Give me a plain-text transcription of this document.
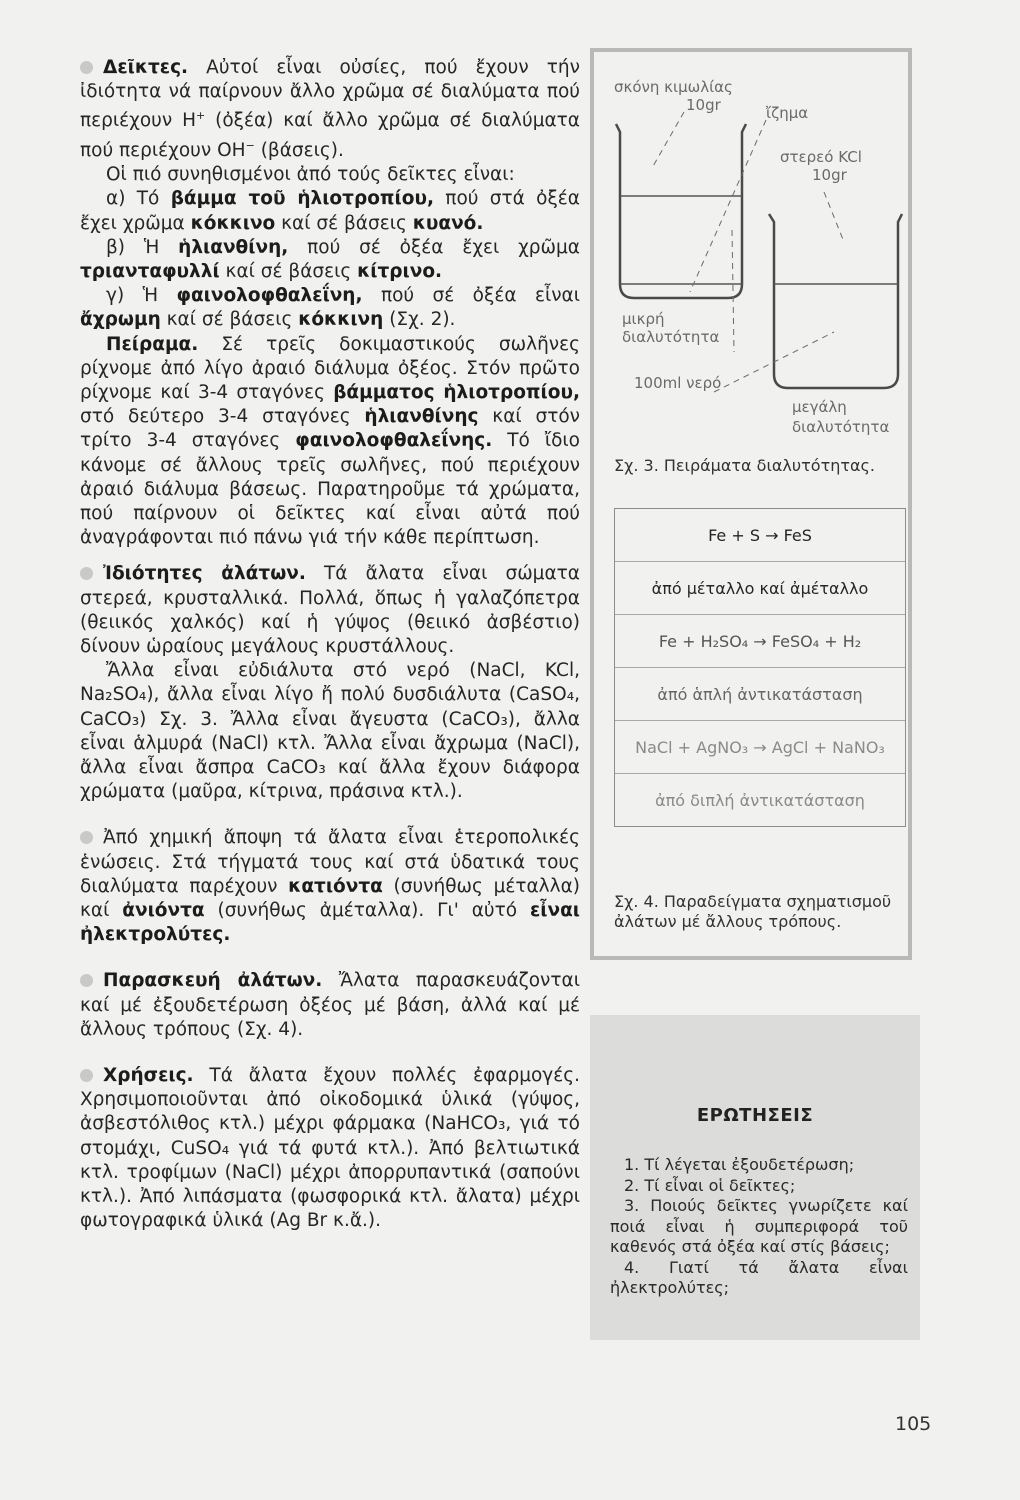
Δεῖκτες. Αὐτοί εἶναι οὐσίες, πού ἔχουν τήν ἰδιότητα νά παίρνουν ἄλλο χρῶμα σέ διαλύματα πού περιέχουν H+ (ὀξέα) καί ἄλλο χρῶμα σέ διαλύματα πού περιέχουν OH− (βάσεις).

Οἱ πιό συνηθισμένοι ἀπό τούς δεῖκτες εἶναι:

α) Τό βάμμα τοῦ ἡλιοτροπίου, πού στά ὀξέα ἔχει χρῶμα κόκκινο καί σέ βάσεις κυανό.

β) Ἡ ἡλιανθίνη, πού σέ ὀξέα ἔχει χρῶμα τριανταφυλλί καί σέ βάσεις κίτρινο.

γ) Ἡ φαινολοφθαλεΐνη, πού σέ ὀξέα εἶναι ἄχρωμη καί σέ βάσεις κόκκινη (Σχ. 2).

Πείραμα. Σέ τρεῖς δοκιμαστικούς σωλῆνες ρίχνομε ἀπό λίγο ἀραιό διάλυμα ὀξέος. Στόν πρῶτο ρίχνομε καί 3-4 σταγόνες βάμματος ἡλιοτροπίου, στό δεύτερο 3-4 σταγόνες ἡλιανθίνης καί στόν τρίτο 3-4 σταγόνες φαινολοφθαλεΐνης. Τό ἴδιο κάνομε σέ ἄλλους τρεῖς σωλῆνες, πού περιέχουν ἀραιό διάλυμα βάσεως. Παρατηροῦμε τά χρώματα, πού παίρνουν οἱ δεῖκτες καί εἶναι αὐτά πού ἀναγράφονται πιό πάνω γιά τήν κάθε περίπτωση.

Ἰδιότητες ἀλάτων. Τά ἄλατα εἶναι σώματα στερεά, κρυσταλλικά. Πολλά, ὅπως ἡ γαλαζόπετρα (θειικός χαλκός) καί ἡ γύψος (θειικό ἀσβέστιο) δίνουν ὡραίους μεγάλους κρυστάλλους.

Ἄλλα εἶναι εὐδιάλυτα στό νερό (NaCl, KCl, Na₂SO₄), ἄλλα εἶναι λίγο ἤ πολύ δυσδιάλυτα (CaSO₄, CaCO₃) Σχ. 3. Ἄλλα εἶναι ἄγευστα (CaCO₃), ἄλλα εἶναι ἁλμυρά (NaCl) κτλ. Ἄλλα εἶναι ἄχρωμα (NaCl), ἄλλα εἶναι ἄσπρα CaCO₃ καί ἄλλα ἔχουν διάφορα χρώματα (μαῦρα, κίτρινα, πράσινα κτλ.).

Ἀπό χημική ἄποψη τά ἄλατα εἶναι ἑτεροπολικές ἑνώσεις. Στά τήγματά τους καί στά ὑδατικά τους διαλύματα παρέχουν κατιόντα (συνήθως μέταλλα) καί ἀνιόντα (συνήθως ἀμέταλλα). Γι' αὐτό εἶναι ἠλεκτρολύτες.

Παρασκευή ἀλάτων. Ἄλατα παρασκευάζονται καί μέ ἐξουδετέρωση ὀξέος μέ βάση, ἀλλά καί μέ ἄλλους τρόπους (Σχ. 4).

Χρήσεις. Τά ἄλατα ἔχουν πολλές ἐφαρμογές. Χρησιμοποιοῦνται ἀπό οἰκοδομικά ὑλικά (γύψος, ἀσβεστόλιθος κτλ.) μέχρι φάρμακα (NaHCO₃, γιά τό στομάχι, CuSO₄ γιά τά φυτά κτλ.). Ἀπό βελτιωτικά κτλ. τροφίμων (NaCl) μέχρι ἀπορρυπαντικά (σαπούνι κτλ.). Ἀπό λιπάσματα (φωσφορικά κτλ. ἄλατα) μέχρι φωτογραφικά ὑλικά (Ag Br κ.ἄ.).

σκόνη κιμωλίας
10gr	ἴζημα
στερεό KCl
10gr
μικρή
διαλυτότητα
100ml νερό
μεγάλη
διαλυτότητα
Σχ. 3. Πειράματα διαλυτότητας.
Fe + S → FeS
ἀπό μέταλλο καί ἀμέταλλο
Fe + H₂SO₄ → FeSO₄ + H₂
ἀπό ἁπλή ἀντικατάσταση
NaCl + AgNO₃ → AgCl + NaNO₃
ἀπό διπλή ἀντικατάσταση
Σχ. 4. Παραδείγματα σχηματισμοῦ ἀλάτων μέ ἄλλους τρόπους.
ΕΡΩΤΗΣΕΙΣ

1. Τί λέγεται ἐξουδετέρωση;

2. Τί εἶναι οἱ δεῖκτες;

3. Ποιούς δεῖκτες γνωρίζετε καί ποιά εἶναι ἡ συμπεριφορά τοῦ καθενός στά ὀξέα καί στίς βάσεις;

4. Γιατί τά ἄλατα εἶναι ἠλεκτρολύτες;

105
